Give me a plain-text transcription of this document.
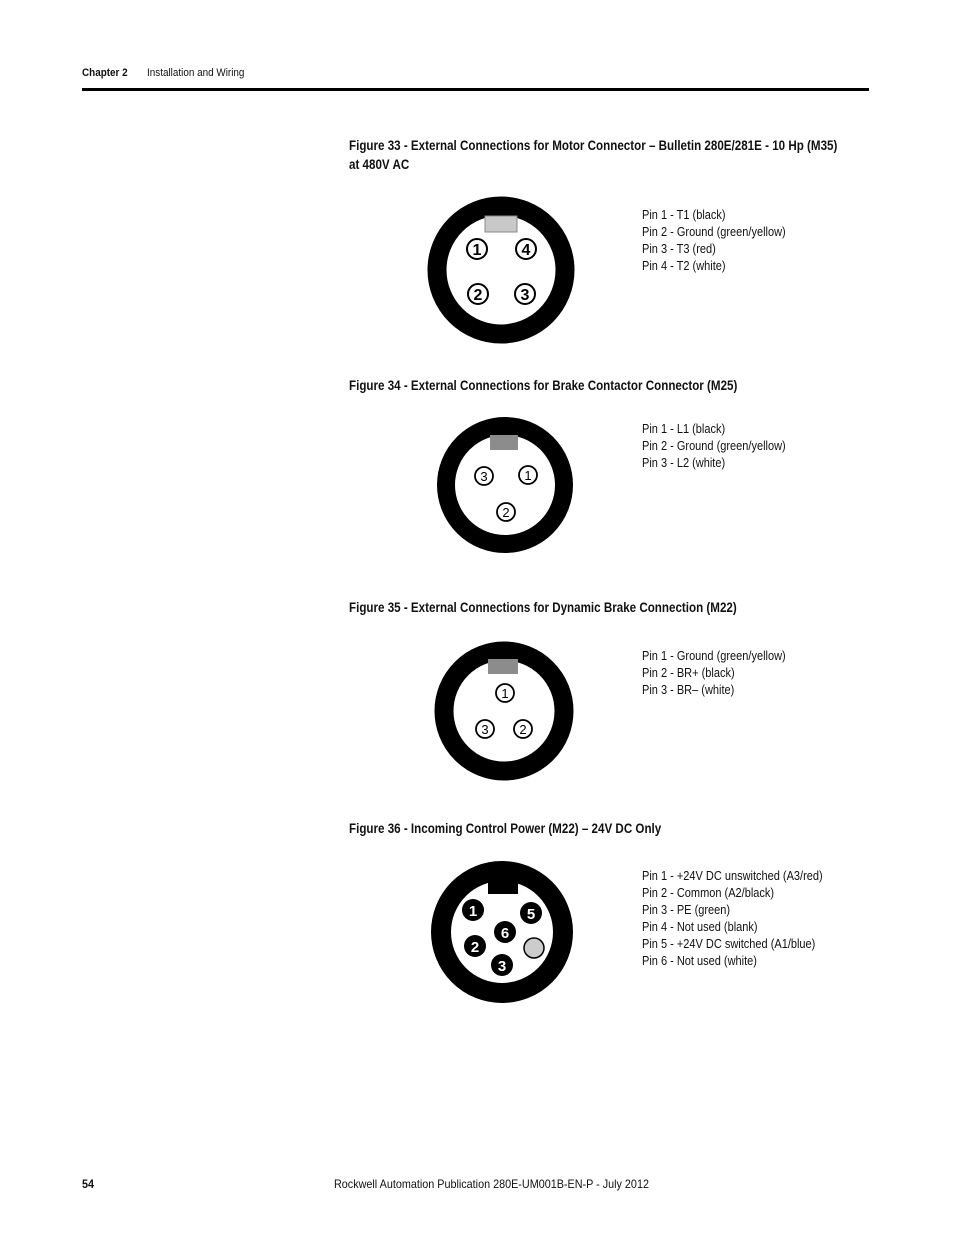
Chapter 2 Installation and Wiring
Figure 33 - External Connections for Motor Connector – Bulletin 280E/281E - 10 Hp (M35)
at 480V AC
1	4
2 3
Pin 1 - T1 (black)
Pin 2 - Ground (green/yellow)
Pin 3 - T3 (red)
Pin 4 - T2 (white)
Figure 34 - External Connections for Brake Contactor Connector (M25)
3	1
2
Pin 1 - L1 (black)
Pin 2 - Ground (green/yellow)
Pin 3 - L2 (white)
Figure 35 - External Connections for Dynamic Brake Connection (M22)
1
3 2
Pin 1 - Ground (green/yellow)
Pin 2 - BR+ (black)
Pin 3 - BR– (white)
Figure 36 - Incoming Control Power (M22) – 24V DC Only
1	5
6
2
3
Pin 1 - +24V DC unswitched (A3/red)
Pin 2 - Common (A2/black)
Pin 3 - PE (green)
Pin 4 - Not used (blank)
Pin 5 - +24V DC switched (A1/blue)
Pin 6 - Not used (white)
54	Rockwell Automation Publication 280E-UM001B-EN-P - July 2012
